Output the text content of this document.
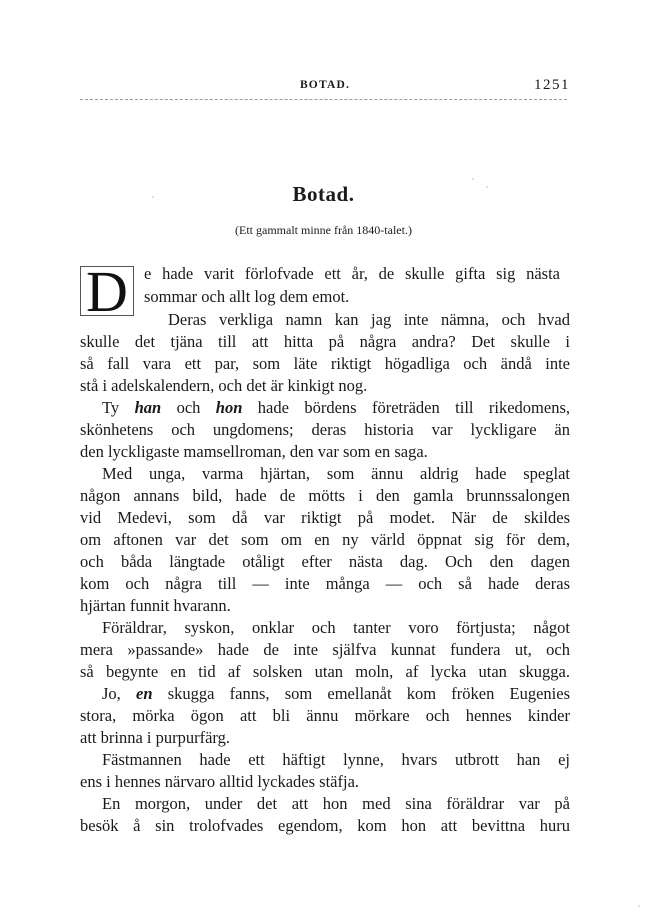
BOTAD.	1251
Botad.
(Ett gammalt minne från 1840-talet.)
D e hade varit förlofvade ett år, de skulle gifta sig nästa
sommar och allt log dem emot.
Deras verkliga namn kan jag inte nämna, och hvad
skulle det tjäna till att hitta på några andra? Det skulle i
så fall vara ett par, som läte riktigt högadliga och ändå inte
stå i adelskalendern, och det är kinkigt nog.
Ty han och hon hade bördens företräden till rikedomens,
skönhetens och ungdomens; deras historia var lyckligare än
den lyckligaste mamsellroman, den var som en saga.
Med unga, varma hjärtan, som ännu aldrig hade speglat
någon annans bild, hade de mötts i den gamla brunnssalongen
vid Medevi, som då var riktigt på modet. När de skildes
om aftonen var det som om en ny värld öppnat sig för dem,
och båda längtade otåligt efter nästa dag. Och den dagen
kom och några till — inte många — och så hade deras
hjärtan funnit hvarann.
Föräldrar, syskon, onklar och tanter voro förtjusta; något
mera »passande» hade de inte själfva kunnat fundera ut, och
så begynte en tid af solsken utan moln, af lycka utan skugga.
Jo, en skugga fanns, som emellanåt kom fröken Eugenies
stora, mörka ögon att bli ännu mörkare och hennes kinder
att brinna i purpurfärg.
Fästmannen hade ett häftigt lynne, hvars utbrott han ej
ens i hennes närvaro alltid lyckades stäfja.
En morgon, under det att hon med sina föräldrar var på
besök å sin trolofvades egendom, kom hon att bevittna huru
